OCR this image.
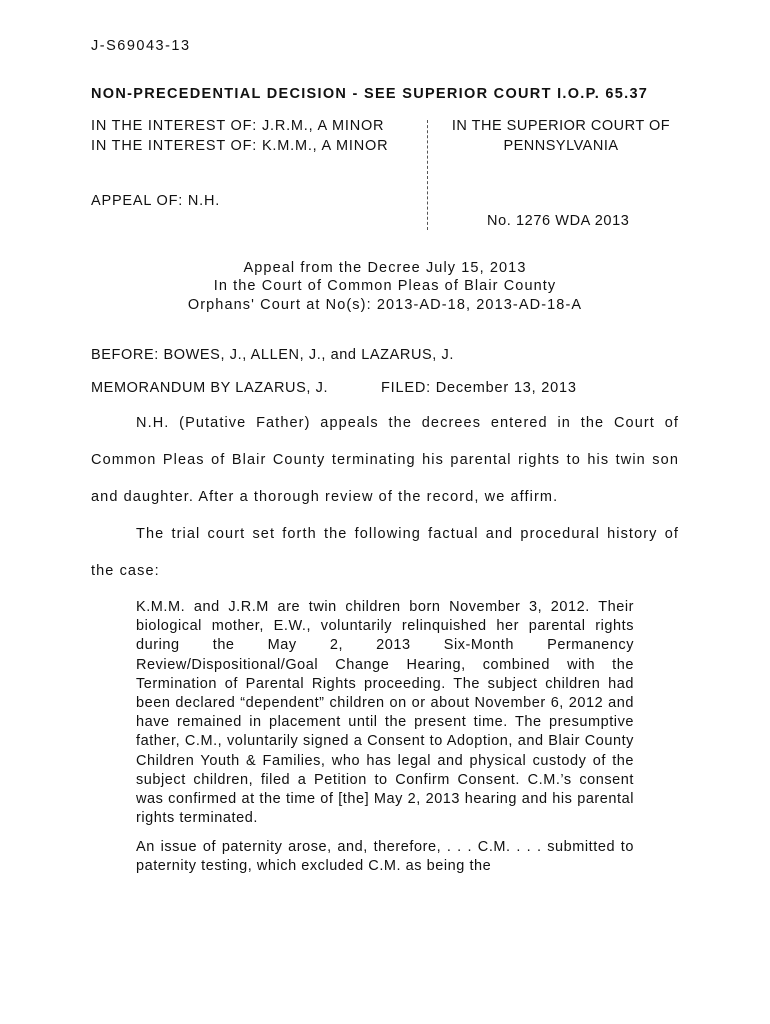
J-S69043-13
NON-PRECEDENTIAL DECISION - SEE SUPERIOR COURT I.O.P. 65.37
IN THE INTEREST OF: J.R.M., A MINOR
IN THE INTEREST OF: K.M.M., A MINOR
APPEAL OF: N.H.
IN THE SUPERIOR COURT OF
PENNSYLVANIA
No. 1276 WDA 2013
Appeal from the Decree July 15, 2013
In the Court of Common Pleas of Blair County
Orphans' Court at No(s): 2013-AD-18, 2013-AD-18-A
BEFORE: BOWES, J., ALLEN, J., and LAZARUS, J.
MEMORANDUM BY LAZARUS, J.	FILED: December 13, 2013
N.H. (Putative Father) appeals the decrees entered in the Court of Common Pleas of Blair County terminating his parental rights to his twin son and daughter. After a thorough review of the record, we affirm.
The trial court set forth the following factual and procedural history of the case:
K.M.M. and J.R.M are twin children born November 3, 2012. Their biological mother, E.W., voluntarily relinquished her parental rights during the May 2, 2013 Six-Month Permanency Review/Dispositional/Goal Change Hearing, combined with the Termination of Parental Rights proceeding. The subject children had been declared “dependent” children on or about November 6, 2012 and have remained in placement until the present time. The presumptive father, C.M., voluntarily signed a Consent to Adoption, and Blair County Children Youth & Families, who has legal and physical custody of the subject children, filed a Petition to Confirm Consent. C.M.’s consent was confirmed at the time of [the] May 2, 2013 hearing and his parental rights terminated.
An issue of paternity arose, and, therefore, . . . C.M. . . . submitted to paternity testing, which excluded C.M. as being the
